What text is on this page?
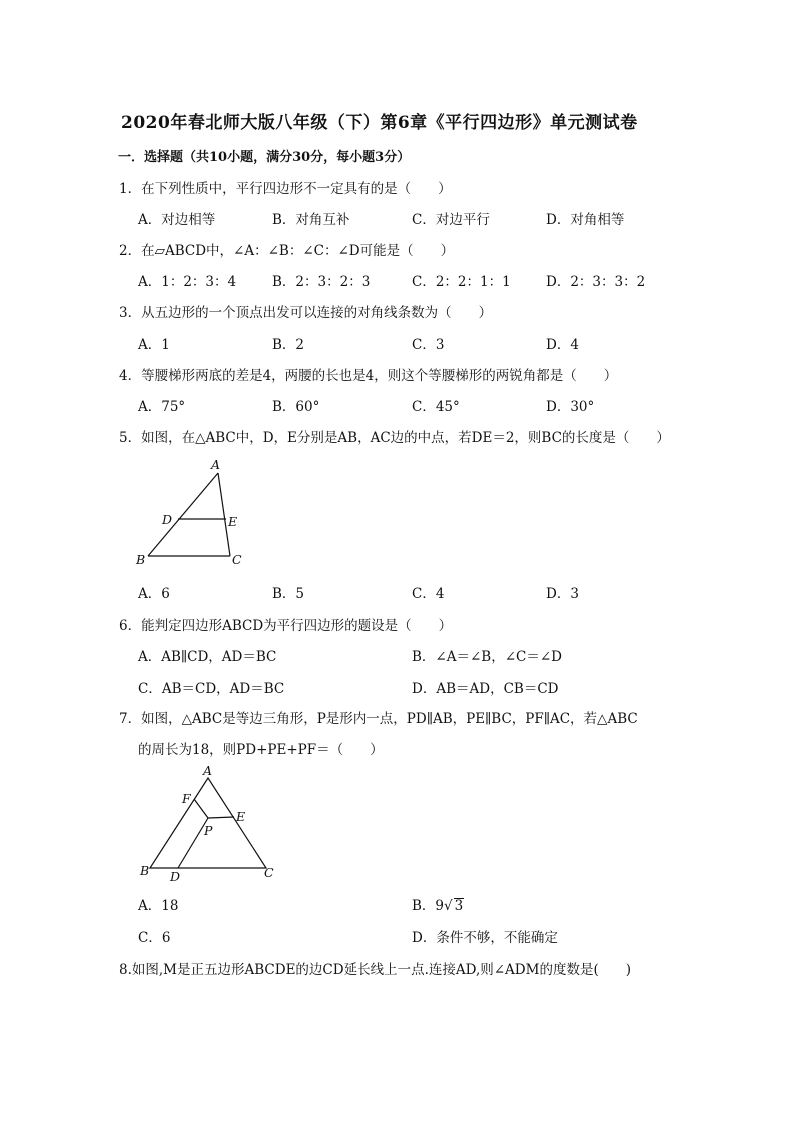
2020年春北师大版八年级（下）第6章《平行四边形》单元测试卷
一．选择题（共10小题，满分30分，每小题3分）
1．在下列性质中，平行四边形不一定具有的是（　　）
A．对边相等	B．对角互补	C．对边平行	D．对角相等
2．在▱ABCD中，∠A：∠B：∠C：∠D可能是（　　）
A．1：2：3：4	B．2：3：2：3	C．2：2：1：1	D．2：3：3：2
3．从五边形的一个顶点出发可以连接的对角线条数为（　　）
A．1	B．2	C．3	D．4
4．等腰梯形两底的差是4，两腰的长也是4，则这个等腰梯形的两锐角都是（　　）
A．75°	B．60°	C．45°	D．30°
5．如图，在△ABC中，D，E分别是AB，AC边的中点，若DE＝2，则BC的长度是（　　）
A
D	E
B	C
A．6	B．5	C．4	D．3
6．能判定四边形ABCD为平行四边形的题设是（　　）
A．AB∥CD，AD＝BC	B．∠A＝∠B，∠C＝∠D
C．AB＝CD，AD＝BC	D．AB＝AD，CB＝CD
7．如图，△ABC是等边三角形，P是形内一点，PD∥AB，PE∥BC，PF∥AC，若△ABC
的周长为18，则PD+PE+PF＝（　　）
A
F
E
P
B D	C
A．18	B．9√ 3
C．6	D．条件不够，不能确定
8.如图,M是正五边形ABCDE的边CD延长线上一点.连接AD,则∠ADM的度数是(　　)
